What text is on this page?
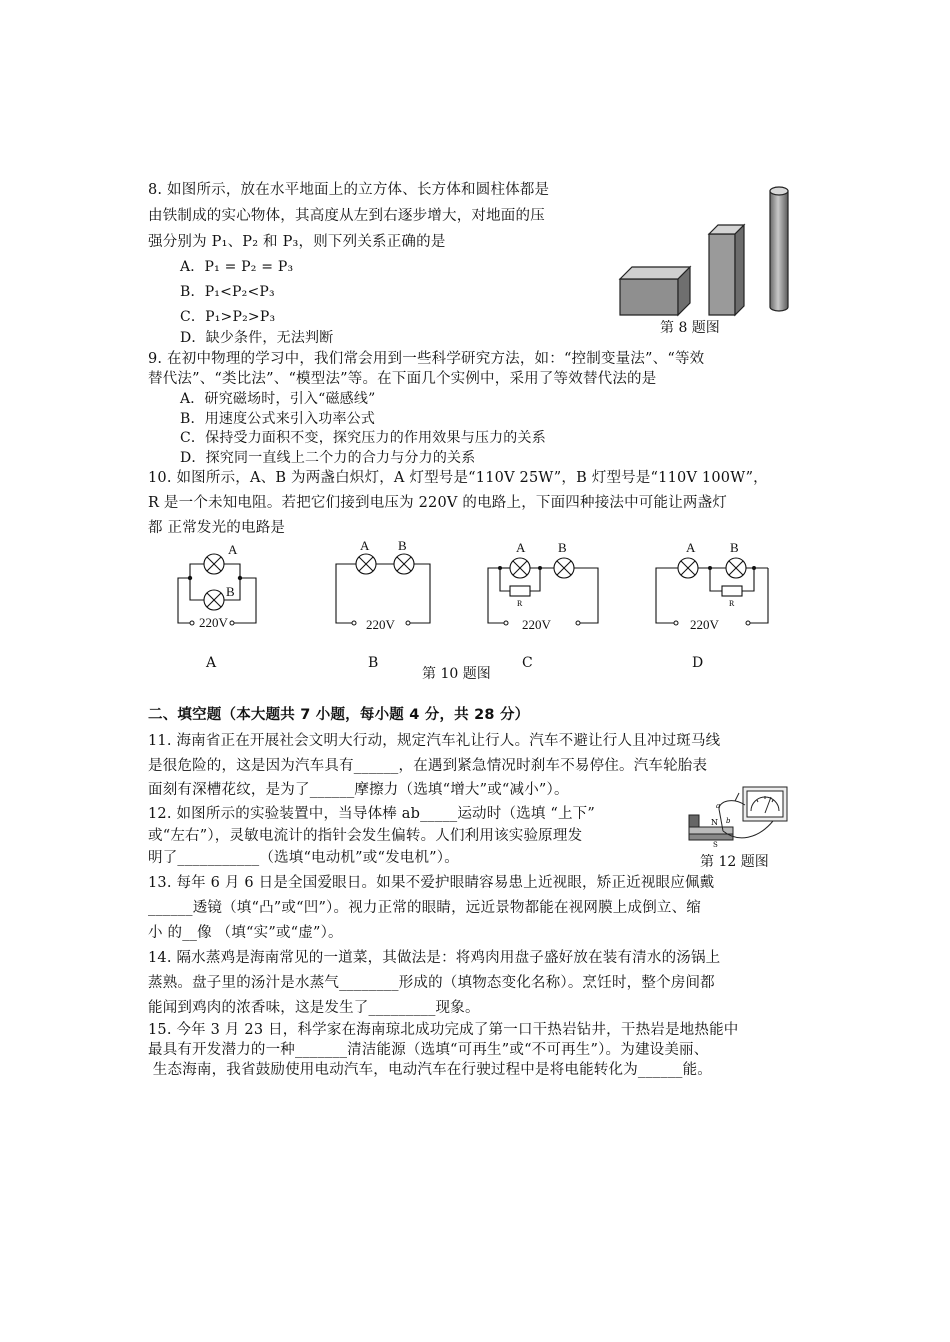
8. 如图所示，放在水平地面上的立方体、长方体和圆柱体都是
由铁制成的实心物体，其高度从左到右逐步增大，对地面的压
强分别为 P₁、P₂ 和 P₃，则下列关系正确的是
A．P₁ = P₂ = P₃
B．P₁<P₂<P₃
C．P₁>P₂>P₃
D．缺少条件，无法判断
第 8 题图
9. 在初中物理的学习中，我们常会用到一些科学研究方法，如：“控制变量法”、“等效
替代法”、“类比法”、“模型法”等。在下面几个实例中，采用了等效替代法的是
A．研究磁场时，引入“磁感线”
B．用速度公式来引入功率公式
C．保持受力面积不变，探究压力的作用效果与压力的关系
D．探究同一直线上二个力的合力与分力的关系
10. 如图所示，A、B 为两盏白炽灯，A 灯型号是“110V 25W”，B 灯型号是“110V 100W”，
R 是一个未知电阻。若把它们接到电压为 220V 的电路上，下面四种接法中可能让两盏灯
都 正常发光的电路是
A
B
220V
A
A B
220V
B
A	B
R
220V
C
A	B
R
220V
D
第 10 题图
二、填空题（本大题共 7 小题，每小题 4 分，共 28 分）
11. 海南省正在开展社会文明大行动，规定汽车礼让行人。汽车不避让行人且冲过斑马线
是很危险的，这是因为汽车具有______，在遇到紧急情况时刹车不易停住。汽车轮胎表
面刻有深槽花纹，是为了______摩擦力（选填“增大”或“减小”）。
12. 如图所示的实验装置中，当导体棒 ab_____运动时（选填 “上下”
或“左右”），灵敏电流计的指针会发生偏转。人们利用该实验原理发
明了___________（选填“电动机”或“发电机”）。
N
S
a
b
第 12 题图
13. 每年 6 月 6 日是全国爱眼日。如果不爱护眼睛容易患上近视眼，矫正近视眼应佩戴
______透镜（填“凸”或“凹”）。视力正常的眼睛，远近景物都能在视网膜上成倒立、缩
小 的__像 （填“实”或“虚”）。
14. 隔水蒸鸡是海南常见的一道菜，其做法是：将鸡肉用盘子盛好放在装有清水的汤锅上
蒸熟。盘子里的汤汁是水蒸气________形成的（填物态变化名称）。烹饪时，整个房间都
能闻到鸡肉的浓香味，这是发生了_________现象。
15. 今年 3 月 23 日，科学家在海南琼北成功完成了第一口干热岩钻井，干热岩是地热能中
最具有开发潜力的一种_______清洁能源（选填“可再生”或“不可再生”）。为建设美丽、
生态海南，我省鼓励使用电动汽车，电动汽车在行驶过程中是将电能转化为______能。
